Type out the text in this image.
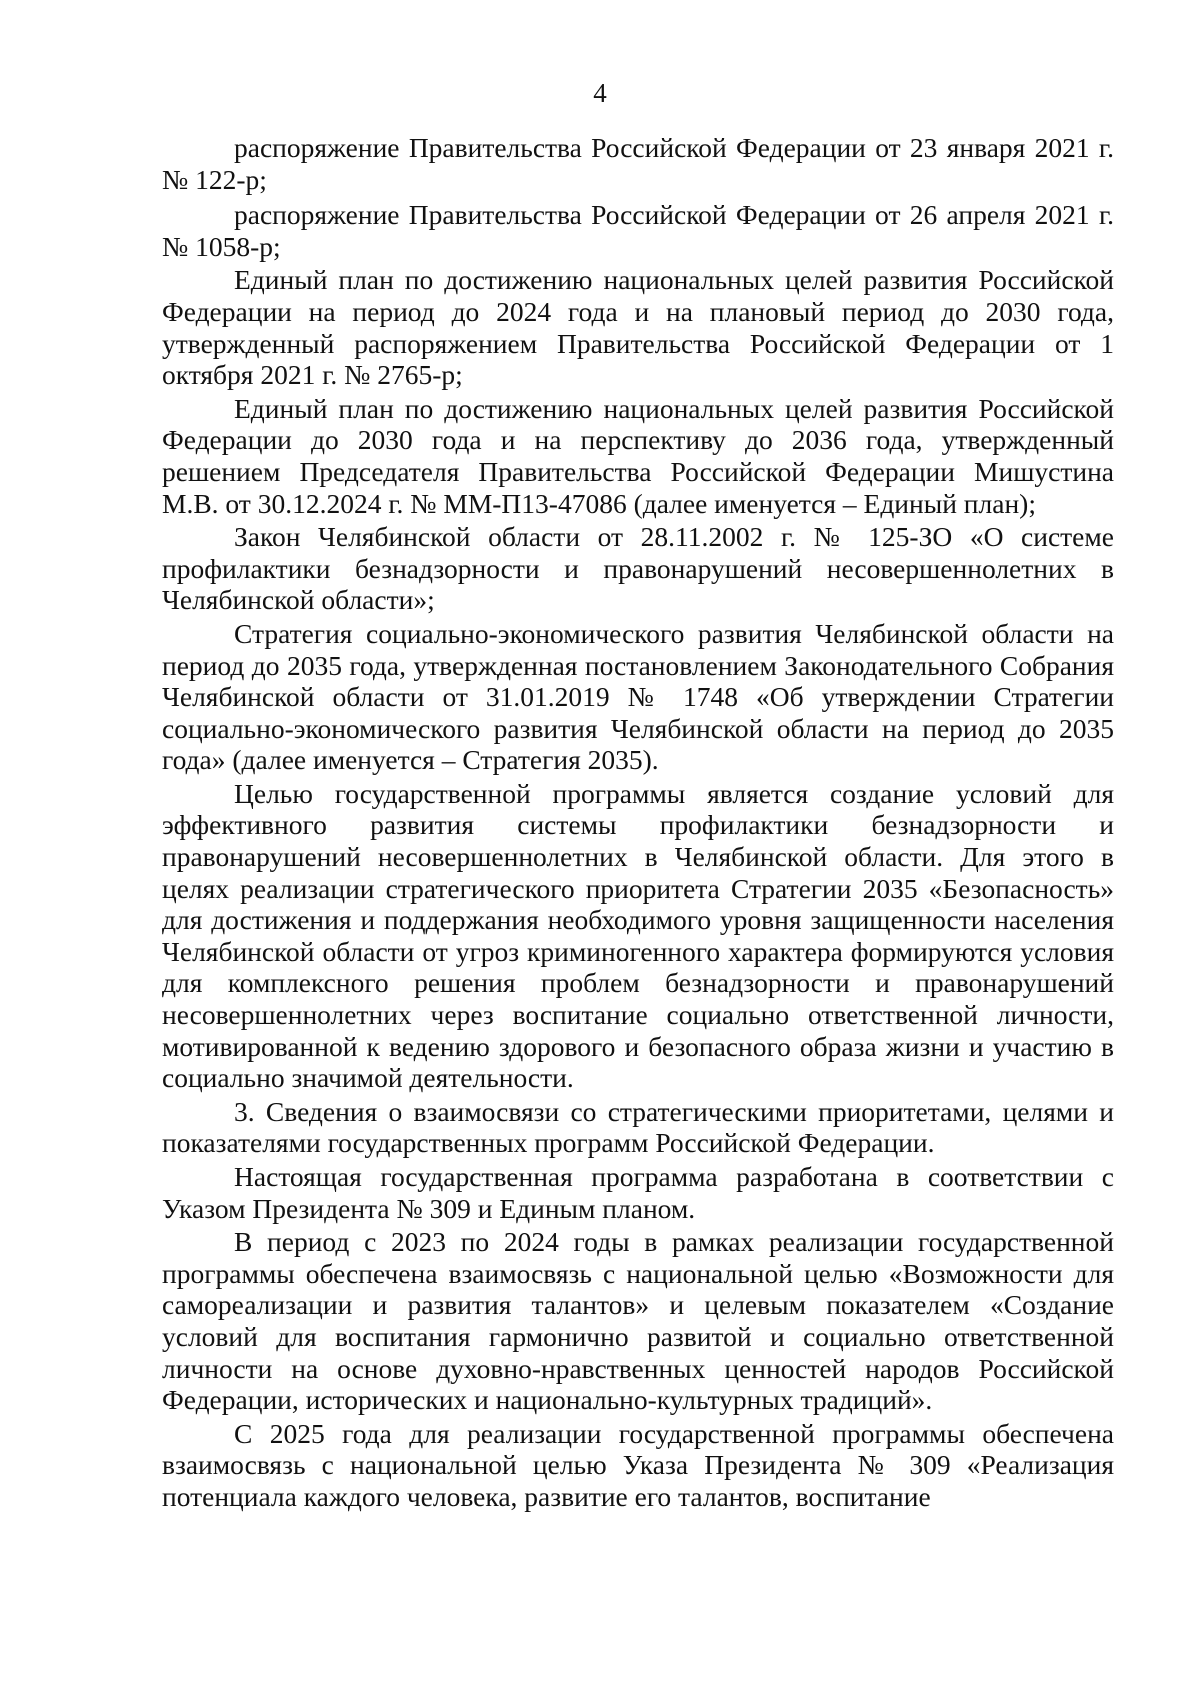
4

распоряжение Правительства Российской Федерации от 23 января 2021 г. № 122-р;

распоряжение Правительства Российской Федерации от 26 апреля 2021 г. № 1058-р;

Единый план по достижению национальных целей развития Российской Федерации на период до 2024 года и на плановый период до 2030 года, утвержденный распоряжением Правительства Российской Федерации от 1 октября 2021 г. № 2765-р;

Единый план по достижению национальных целей развития Российской Федерации до 2030 года и на перспективу до 2036 года, утвержденный решением Председателя Правительства Российской Федерации Мишустина М.В. от 30.12.2024 г. № ММ-П13-47086 (далее именуется – Единый план);

Закон Челябинской области от 28.11.2002 г. № 125-ЗО «О системе профилактики безнадзорности и правонарушений несовершеннолетних в Челябинской области»;

Стратегия социально-экономического развития Челябинской области на период до 2035 года, утвержденная постановлением Законодательного Собрания Челябинской области от 31.01.2019 № 1748 «Об утверждении Стратегии социально-экономического развития Челябинской области на период до 2035 года» (далее именуется – Стратегия 2035).

Целью государственной программы является создание условий для эффективного развития системы профилактики безнадзорности и правонарушений несовершеннолетних в Челябинской области. Для этого в целях реализации стратегического приоритета Стратегии 2035 «Безопасность» для достижения и поддержания необходимого уровня защищенности населения Челябинской области от угроз криминогенного характера формируются условия для комплексного решения проблем безнадзорности и правонарушений несовершеннолетних через воспитание социально ответственной личности, мотивированной к ведению здорового и безопасного образа жизни и участию в социально значимой деятельности.

3. Сведения о взаимосвязи со стратегическими приоритетами, целями и показателями государственных программ Российской Федерации.

Настоящая государственная программа разработана в соответствии с Указом Президента № 309 и Единым планом.

В период с 2023 по 2024 годы в рамках реализации государственной программы обеспечена взаимосвязь с национальной целью «Возможности для самореализации и развития талантов» и целевым показателем «Создание условий для воспитания гармонично развитой и социально ответственной личности на основе духовно-нравственных ценностей народов Российской Федерации, исторических и национально-культурных традиций».

С 2025 года для реализации государственной программы обеспечена взаимосвязь с национальной целью Указа Президента № 309 «Реализация потенциала каждого человека, развитие его талантов, воспитание
